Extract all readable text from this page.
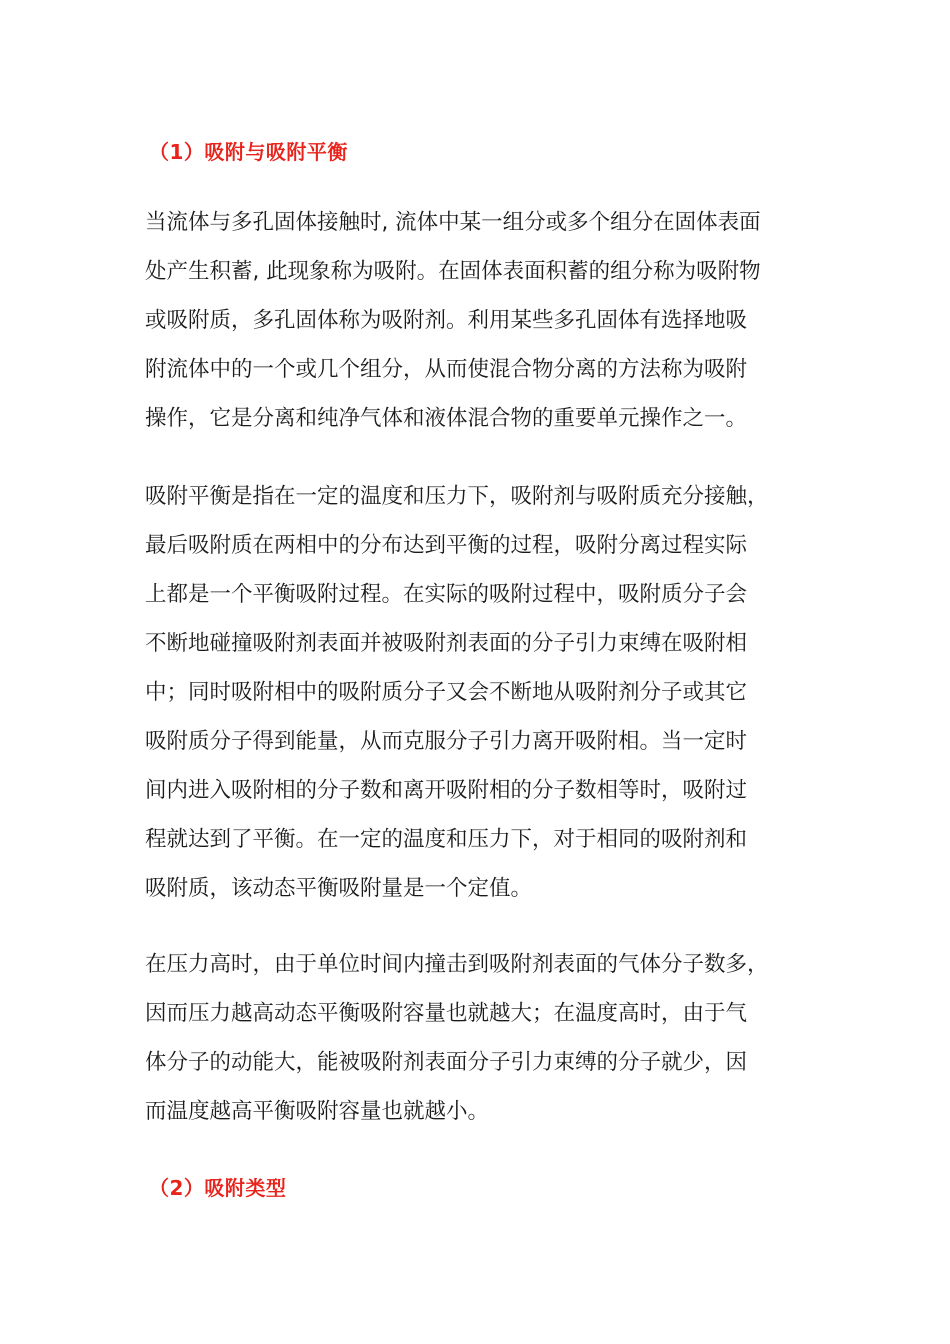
（1）吸附与吸附平衡
当流体与多孔固体接触时, 流体中某一组分或多个组分在固体表面
处产生积蓄, 此现象称为吸附。在固体表面积蓄的组分称为吸附物
或吸附质，多孔固体称为吸附剂。利用某些多孔固体有选择地吸
附流体中的一个或几个组分，从而使混合物分离的方法称为吸附
操作，它是分离和纯净气体和液体混合物的重要单元操作之一。
吸附平衡是指在一定的温度和压力下，吸附剂与吸附质充分接触，
最后吸附质在两相中的分布达到平衡的过程，吸附分离过程实际
上都是一个平衡吸附过程。在实际的吸附过程中，吸附质分子会
不断地碰撞吸附剂表面并被吸附剂表面的分子引力束缚在吸附相
中；同时吸附相中的吸附质分子又会不断地从吸附剂分子或其它
吸附质分子得到能量，从而克服分子引力离开吸附相。当一定时
间内进入吸附相的分子数和离开吸附相的分子数相等时，吸附过
程就达到了平衡。在一定的温度和压力下，对于相同的吸附剂和
吸附质，该动态平衡吸附量是一个定值。
在压力高时，由于单位时间内撞击到吸附剂表面的气体分子数多，
因而压力越高动态平衡吸附容量也就越大；在温度高时，由于气
体分子的动能大，能被吸附剂表面分子引力束缚的分子就少，因
而温度越高平衡吸附容量也就越小。
（2）吸附类型
